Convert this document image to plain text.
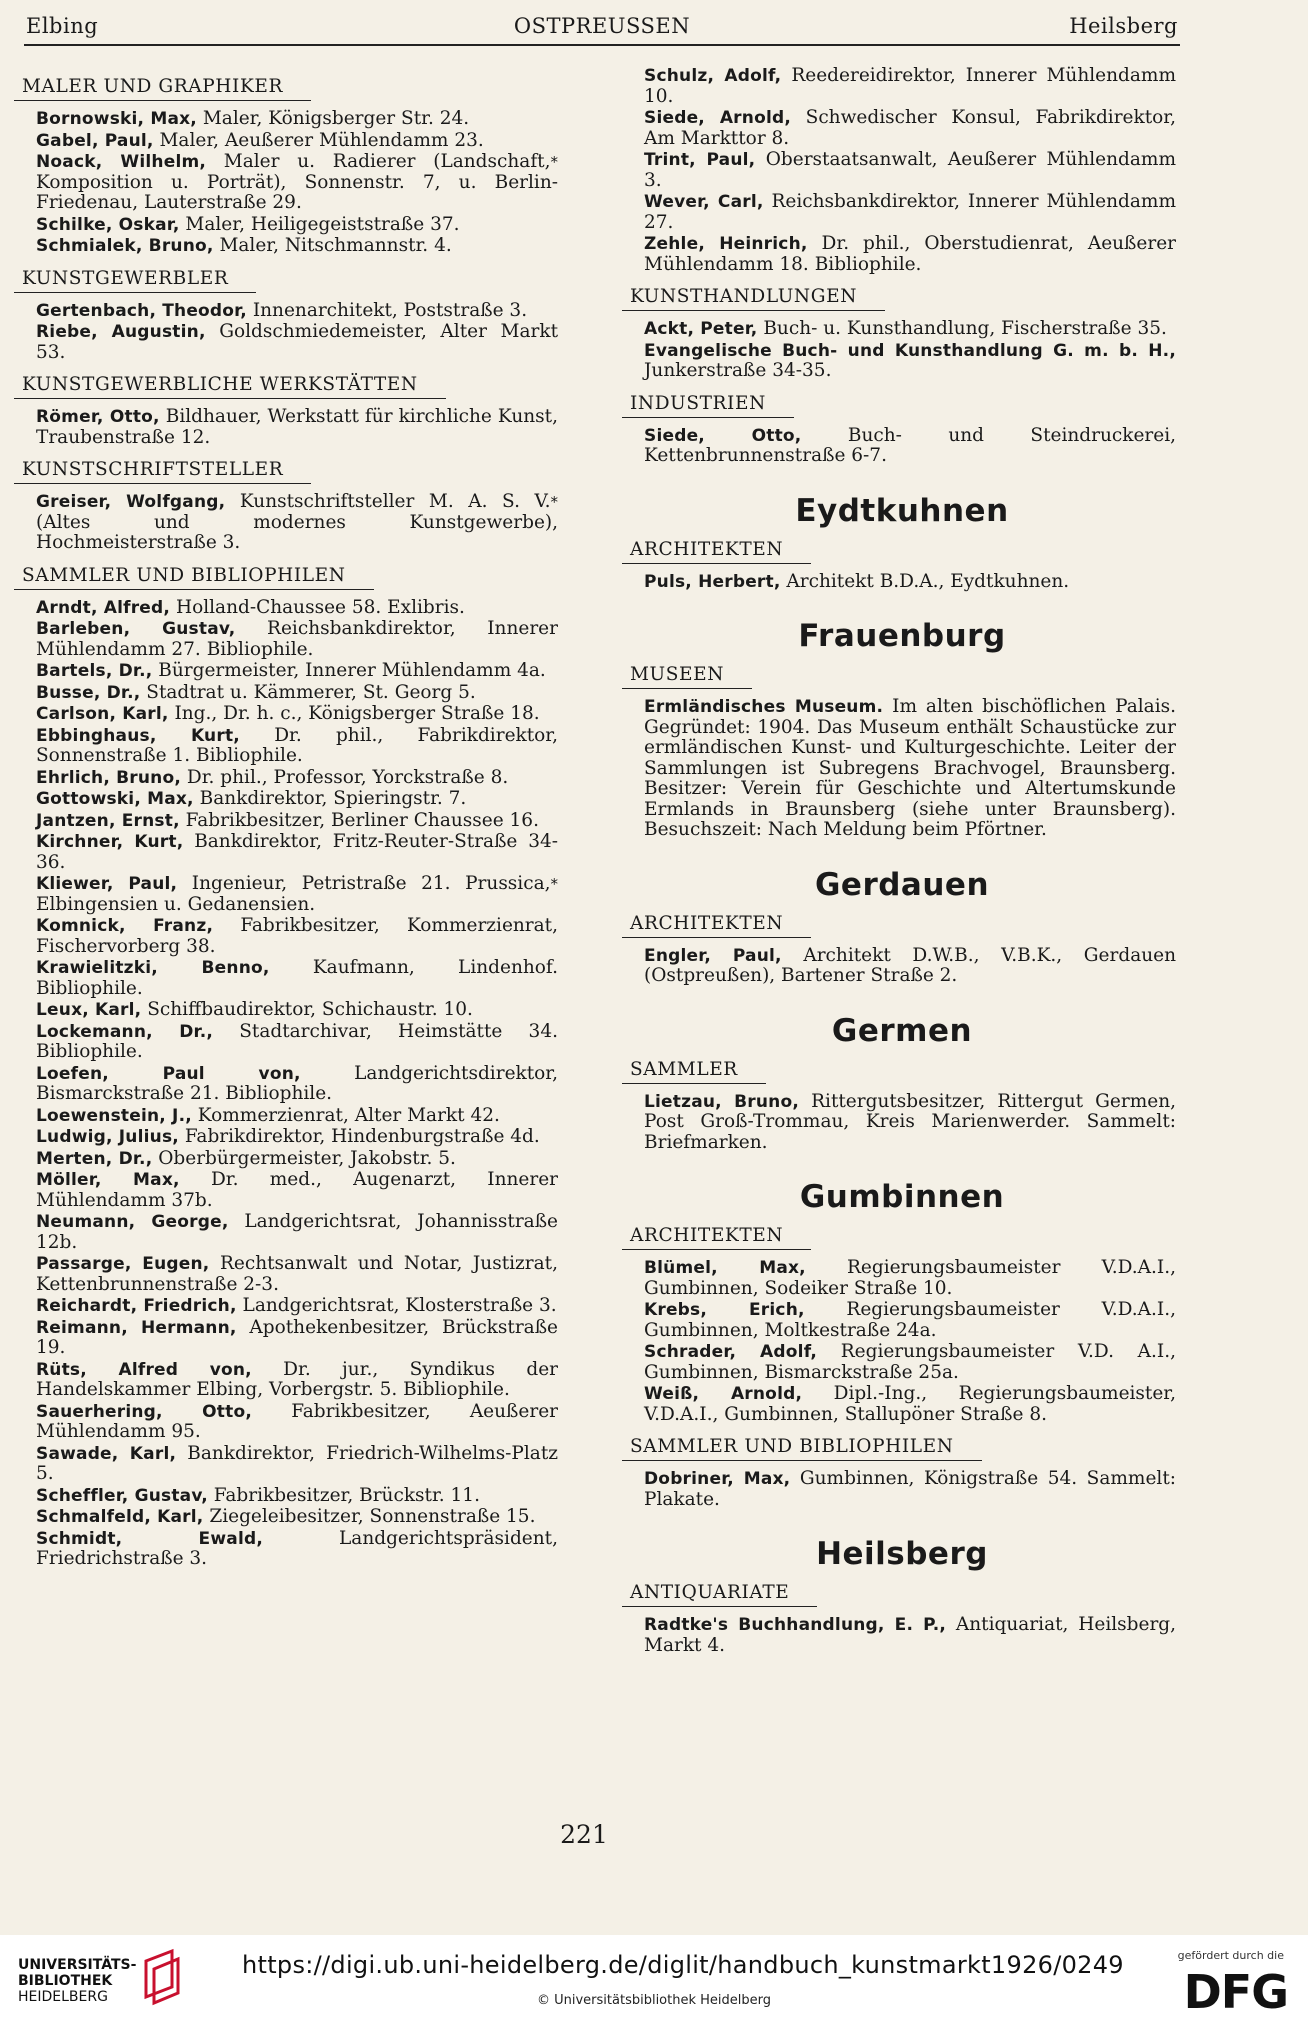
Elbing	OSTPREUSSEN	Heilsberg
MALER UND GRAPHIKER
Bornowski, Max, Maler, Königsberger Str. 24.
Gabel, Paul, Maler, Aeußerer Mühlendamm 23.
*
Noack, Wilhelm, Maler u. Radierer (Landschaft, Komposition u. Porträt), Sonnenstr. 7, u. Berlin-Friedenau, Lauterstraße 29.
Schilke, Oskar, Maler, Heiligegeiststraße 37.
Schmialek, Bruno, Maler, Nitschmannstr. 4.
KUNSTGEWERBLER
Gertenbach, Theodor, Innenarchitekt, Poststraße 3.
Riebe, Augustin, Goldschmiedemeister, Alter Markt 53.
KUNSTGEWERBLICHE WERKSTÄTTEN
Römer, Otto, Bildhauer, Werkstatt für kirchliche Kunst, Traubenstraße 12.
KUNSTSCHRIFTSTELLER
*
Greiser, Wolfgang, Kunstschriftsteller M. A. S. V. (Altes und modernes Kunstgewerbe), Hochmeisterstraße 3.
SAMMLER UND BIBLIOPHILEN
Arndt, Alfred, Holland-Chaussee 58. Exlibris.
Barleben, Gustav, Reichsbankdirektor, Innerer Mühlendamm 27. Bibliophile.
Bartels, Dr., Bürgermeister, Innerer Mühlendamm 4a.
Busse, Dr., Stadtrat u. Kämmerer, St. Georg 5.
Carlson, Karl, Ing., Dr. h. c., Königsberger Straße 18.
Ebbinghaus, Kurt, Dr. phil., Fabrikdirektor, Sonnenstraße 1. Bibliophile.
Ehrlich, Bruno, Dr. phil., Professor, Yorckstraße 8.
Gottowski, Max, Bankdirektor, Spieringstr. 7.
Jantzen, Ernst, Fabrikbesitzer, Berliner Chaussee 16.
Kirchner, Kurt, Bankdirektor, Fritz-Reuter-Straße 34-36.
*
Kliewer, Paul, Ingenieur, Petristraße 21. Prussica, Elbingensien u. Gedanensien.
Komnick, Franz, Fabrikbesitzer, Kommerzienrat, Fischervorberg 38.
Krawielitzki, Benno, Kaufmann, Lindenhof. Bibliophile.
Leux, Karl, Schiffbaudirektor, Schichaustr. 10.
Lockemann, Dr., Stadtarchivar, Heimstätte 34. Bibliophile.
Loefen, Paul von,	Landgerichtsdirektor, Bismarckstraße 21. Bibliophile.
Loewenstein, J., Kommerzienrat, Alter Markt 42.
Ludwig, Julius, Fabrikdirektor, Hindenburgstraße 4d.
Merten, Dr., Oberbürgermeister, Jakobstr. 5.
Möller, Max, Dr. med., Augenarzt, Innerer Mühlendamm 37b.
Neumann, George, Landgerichtsrat, Johannisstraße 12b.
Passarge, Eugen, Rechtsanwalt und Notar, Justizrat, Kettenbrunnenstraße 2-3.
Reichardt, Friedrich, Landgerichtsrat, Klosterstraße 3.
Reimann, Hermann, Apothekenbesitzer, Brückstraße 19.
Rüts, Alfred von, Dr. jur., Syndikus der Handelskammer Elbing, Vorbergstr. 5. Bibliophile.
Sauerhering, Otto, Fabrikbesitzer, Aeußerer Mühlendamm 95.
Sawade, Karl, Bankdirektor, Friedrich-Wilhelms-Platz 5.
Scheffler, Gustav, Fabrikbesitzer, Brückstr. 11.
Schmalfeld, Karl, Ziegeleibesitzer, Sonnenstraße 15.
Schmidt, Ewald,	Landgerichtspräsident, Friedrichstraße 3.
Schulz, Adolf, Reedereidirektor, Innerer Mühlendamm 10.
Siede, Arnold, Schwedischer Konsul, Fabrikdirektor, Am Markttor 8.
Trint, Paul, Oberstaatsanwalt, Aeußerer Mühlendamm 3.
Wever, Carl, Reichsbankdirektor, Innerer Mühlendamm 27.
Zehle, Heinrich, Dr. phil., Oberstudienrat, Aeußerer Mühlendamm 18. Bibliophile.
KUNSTHANDLUNGEN
Ackt, Peter, Buch- u. Kunsthandlung, Fischerstraße 35.
Evangelische Buch- und Kunsthandlung G. m. b. H., Junkerstraße 34-35.
INDUSTRIEN
Siede, Otto,	Buch- und Steindruckerei, Kettenbrunnenstraße 6-7.
Eydtkuhnen
ARCHITEKTEN
Puls, Herbert, Architekt B.D.A., Eydtkuhnen.
Frauenburg
MUSEEN
Ermländisches Museum. Im alten bischöflichen Palais. Gegründet: 1904. Das Museum enthält Schaustücke zur ermländischen Kunst- und Kulturgeschichte. Leiter der Sammlungen ist Subregens Brachvogel, Braunsberg. Besitzer: Verein für Geschichte und Altertumskunde Ermlands in Braunsberg (siehe unter Braunsberg). Besuchszeit: Nach Meldung beim Pförtner.
Gerdauen
ARCHITEKTEN
Engler, Paul, Architekt D.W.B., V.B.K., Gerdauen (Ostpreußen), Bartener Straße 2.
Germen
SAMMLER
Lietzau, Bruno, Rittergutsbesitzer, Rittergut Germen, Post Groß-Trommau, Kreis Marienwerder. Sammelt: Briefmarken.
Gumbinnen
ARCHITEKTEN
Blümel, Max, Regierungsbaumeister V.D.A.I., Gumbinnen, Sodeiker Straße 10.
Krebs, Erich, Regierungsbaumeister V.D.A.I., Gumbinnen, Moltkestraße 24a.
Schrader, Adolf, Regierungsbaumeister V.D. A.I., Gumbinnen, Bismarckstraße 25a.
Weiß, Arnold, Dipl.-Ing., Regierungsbaumeister, V.D.A.I., Gumbinnen, Stallupöner Straße 8.
SAMMLER UND BIBLIOPHILEN
Dobriner, Max, Gumbinnen, Königstraße 54. Sammelt: Plakate.
Heilsberg
ANTIQUARIATE
Radtke's Buchhandlung, E. P., Antiquariat, Heilsberg, Markt 4.
221
UNIVERSITÄTS-
BIBLIOTHEK
HEIDELBERG
https://digi.ub.uni-heidelberg.de/diglit/handbuch_kunstmarkt1926/0249
© Universitätsbibliothek Heidelberg
gefördert durch die
DFG
